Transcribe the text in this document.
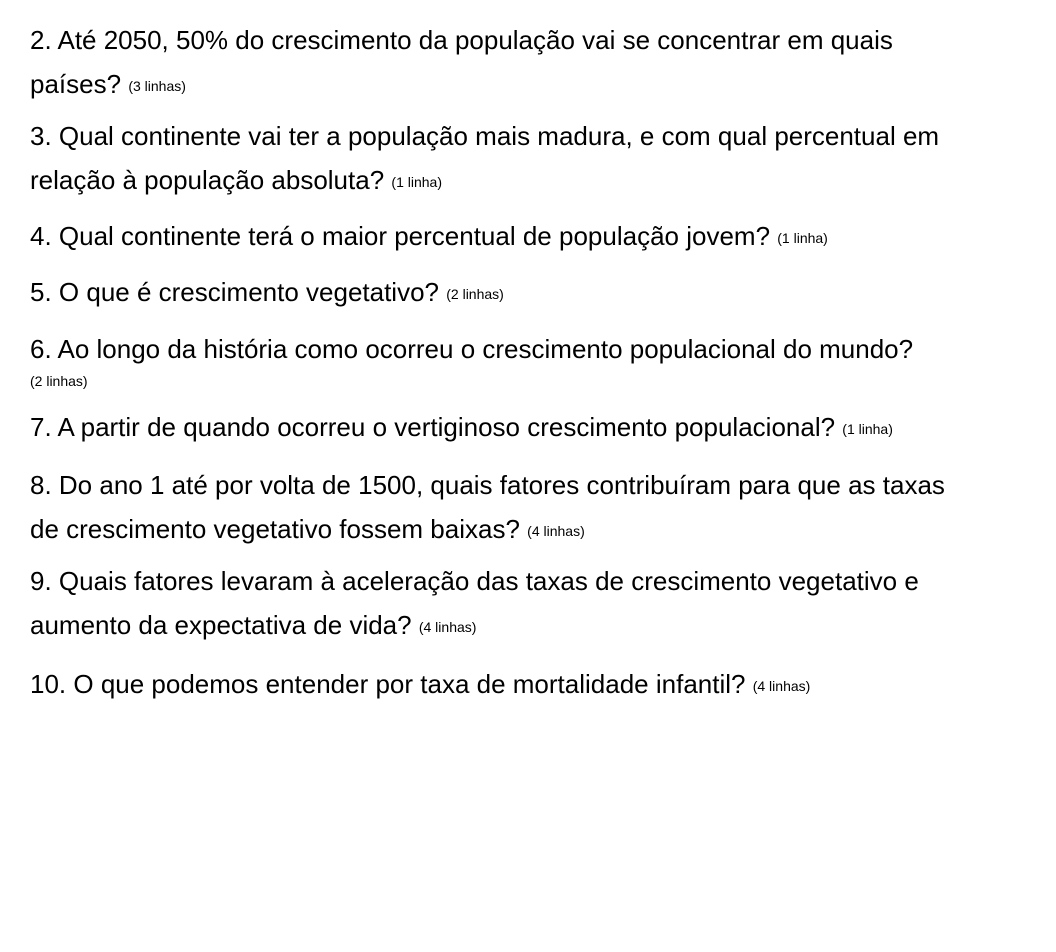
2. Até 2050, 50% do crescimento da população vai se concentrar em quais
países? (3 linhas)

3. Qual continente vai ter a população mais madura, e com qual percentual em
relação à população absoluta? (1 linha)

4. Qual continente terá o maior percentual de população jovem? (1 linha)

5. O que é crescimento vegetativo? (2 linhas)

6. Ao longo da história como ocorreu o crescimento populacional do mundo?
(2 linhas)

7. A partir de quando ocorreu o vertiginoso crescimento populacional? (1 linha)

8. Do ano 1 até por volta de 1500, quais fatores contribuíram para que as taxas
de crescimento vegetativo fossem baixas? (4 linhas)

9. Quais fatores levaram à aceleração das taxas de crescimento vegetativo e
aumento da expectativa de vida? (4 linhas)

10. O que podemos entender por taxa de mortalidade infantil? (4 linhas)
